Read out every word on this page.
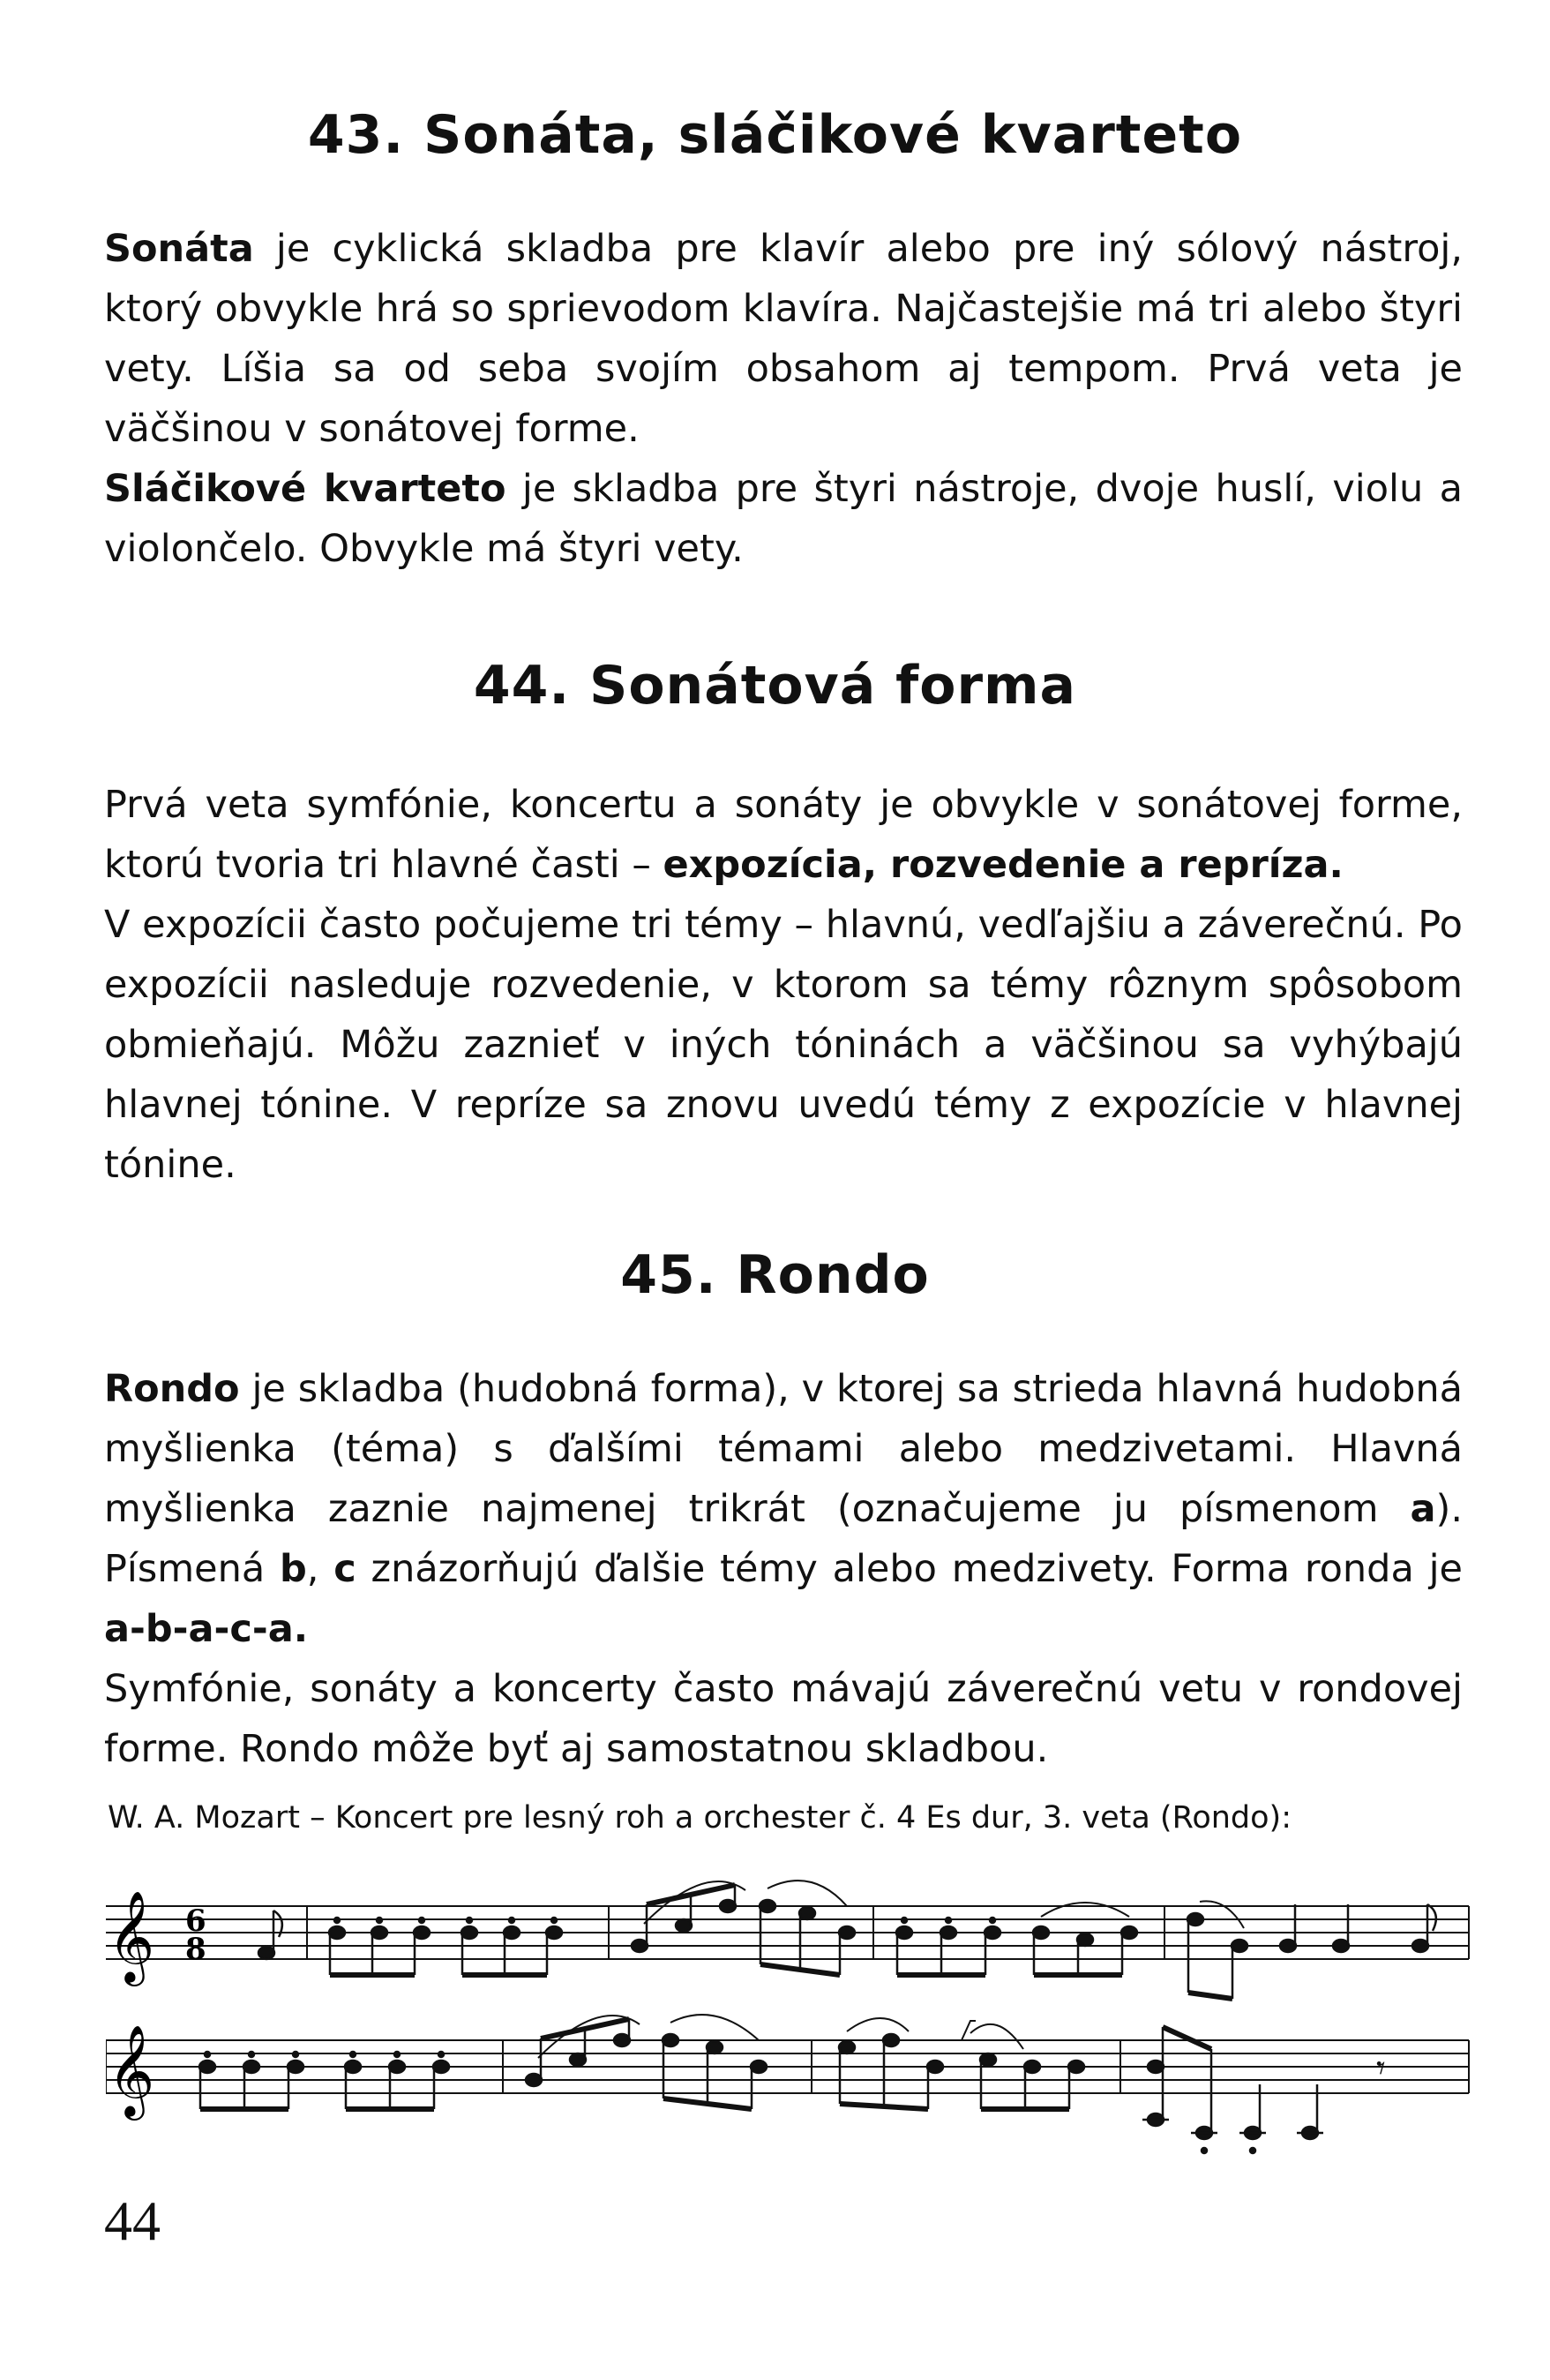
43. Sonáta, sláčikové kvarteto

Sonáta je cyklická skladba pre klavír alebo pre iný sólový nástroj, ktorý obvykle hrá so sprievodom klavíra. Najčastejšie má tri alebo štyri vety. Líšia sa od seba svojím obsahom aj tempom. Prvá veta je väčšinou v sonátovej forme.

Sláčikové kvarteto je skladba pre štyri nástroje, dvoje huslí, violu a violončelo. Obvykle má štyri vety.

44. Sonátová forma

Prvá veta symfónie, koncertu a sonáty je obvykle v sonátovej forme, ktorú tvoria tri hlavné časti – expozícia, rozvedenie a repríza.

V expozícii často počujeme tri témy – hlavnú, vedľajšiu a záverečnú. Po expozícii nasleduje rozvedenie, v ktorom sa témy rôznym spôsobom obmieňajú. Môžu zaznieť v iných tóninách a väčšinou sa vyhýbajú hlavnej tónine. V repríze sa znovu uvedú témy z expozície v hlavnej tónine.

45. Rondo

Rondo je skladba (hudobná forma), v ktorej sa strieda hlavná hudobná myšlienka (téma) s ďalšími témami alebo medzivetami. Hlavná myšlienka zaznie najmenej trikrát (označujeme ju písmenom a). Písmená b, c znázorňujú ďalšie témy alebo medzivety. Forma ronda je a-b-a-c-a.

Symfónie, sonáty a koncerty často mávajú záverečnú vetu v rondovej forme. Rondo môže byť aj samostatnou skladbou.

W. A. Mozart – Koncert pre lesný roh a orchester č. 4 Es dur, 3. veta (Rondo):
𝄞 6
8
𝄞	𝄾
44
